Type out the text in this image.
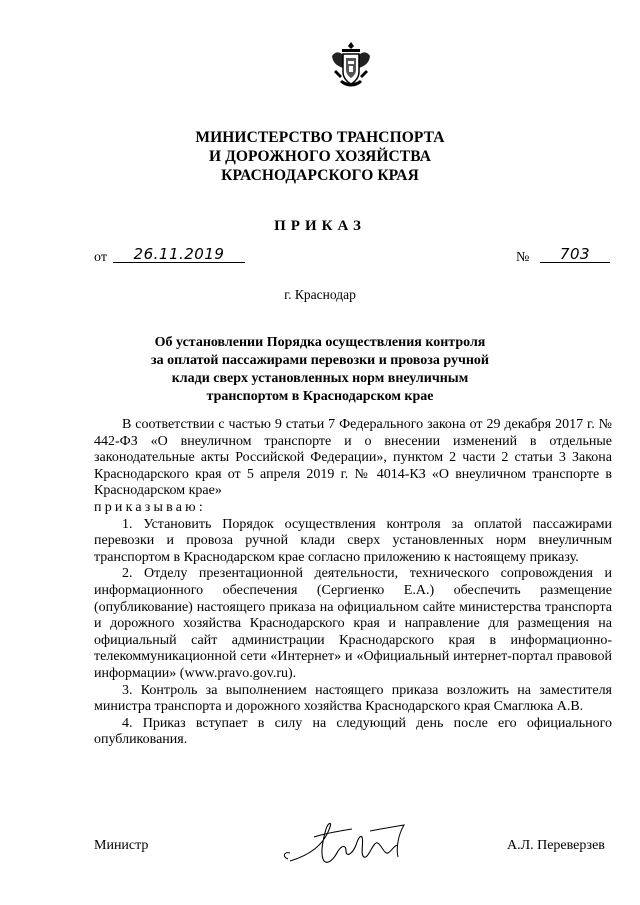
МИНИСТЕРСТВО ТРАНСПОРТА
И ДОРОЖНОГО ХОЗЯЙСТВА
КРАСНОДАРСКОГО КРАЯ
ПРИКАЗ
от	26.11.2019	№	703
г. Краснодар
Об установлении Порядка осуществления контроля
за оплатой пассажирами перевозки и провоза ручной
клади сверх установленных норм внеуличным
транспортом в Краснодарском крае

В соответствии с частью 9 статьи 7 Федерального закона от 29 декабря 2017 г. № 442-ФЗ «О внеуличном транспорте и о внесении изменений в отдельные законодательные акты Российской Федерации», пунктом 2 части 2 статьи 3 Закона Краснодарского края от 5 апреля 2019 г. № 4014-КЗ «О внеуличном транспорте в Краснодарском крае»

приказываю:

1. Установить Порядок осуществления контроля за оплатой пассажирами перевозки и провоза ручной клади сверх установленных норм внеуличным транспортом в Краснодарском крае согласно приложению к настоящему приказу.

2. Отделу презентационной деятельности, технического сопровождения и информационного обеспечения (Сергиенко Е.А.) обеспечить размещение (опубликование) настоящего приказа на официальном сайте министерства транспорта и дорожного хозяйства Краснодарского края и направление для размещения на официальный сайт администрации Краснодарского края в информационно-телекоммуникационной сети «Интернет» и «Официальный интернет-портал правовой информации» (www.pravo.gov.ru).

3. Контроль за выполнением настоящего приказа возложить на заместителя министра транспорта и дорожного хозяйства Краснодарского края Смаглюка А.В.

4. Приказ вступает в силу на следующий день после его официального опубликования.

Министр	А.Л. Переверзев
